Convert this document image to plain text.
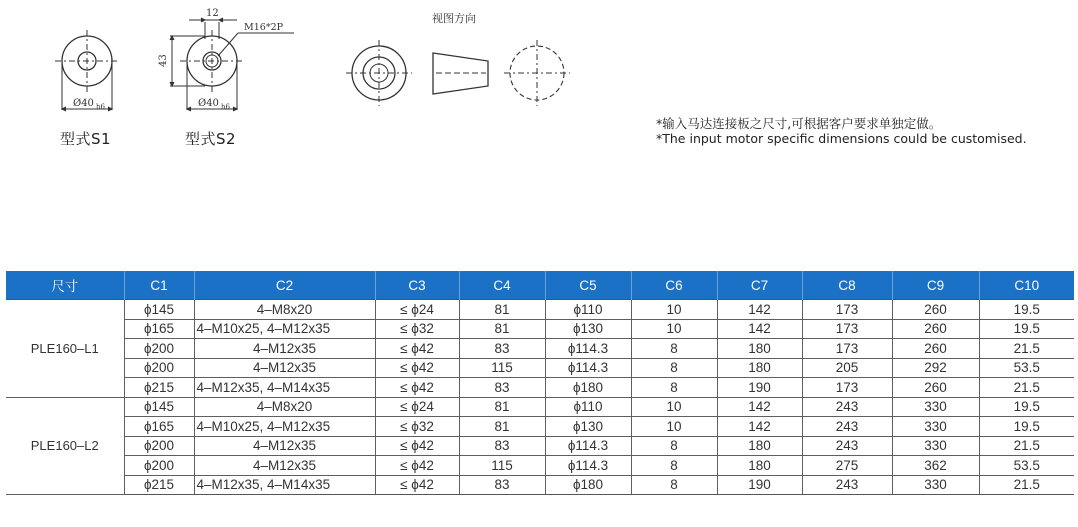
12
43
M16*2P
Ø40 h6	Ø40 h6
视图方向
型式S1	型式S2
*输入马达连接板之尺寸,可根据客户要求单独定做。
*The input motor specific dimensions could be customised.
尺寸	C1	C2	C3	C4	C5	C6	C7	C8	C9	C10
PLE160–L1	ϕ145	4–M8x20	≤ ϕ24	81	ϕ110	10	142	173	260	19.5
	ϕ165	4–M10x25, 4–M12x35	≤ ϕ32	81	ϕ130	10	142	173	260	19.5
	ϕ200	4–M12x35	≤ ϕ42	83	ϕ114.3	8	180	173	260	21.5
	ϕ200	4–M12x35	≤ ϕ42	115	ϕ114.3	8	180	205	292	53.5
	ϕ215	4–M12x35, 4–M14x35	≤ ϕ42	83	ϕ180	8	190	173	260	21.5
PLE160–L2	ϕ145	4–M8x20	≤ ϕ24	81	ϕ110	10	142	243	330	19.5
	ϕ165	4–M10x25, 4–M12x35	≤ ϕ32	81	ϕ130	10	142	243	330	19.5
	ϕ200	4–M12x35	≤ ϕ42	83	ϕ114.3	8	180	243	330	21.5
	ϕ200	4–M12x35	≤ ϕ42	115	ϕ114.3	8	180	275	362	53.5
	ϕ215	4–M12x35, 4–M14x35	≤ ϕ42	83	ϕ180	8	190	243	330	21.5
